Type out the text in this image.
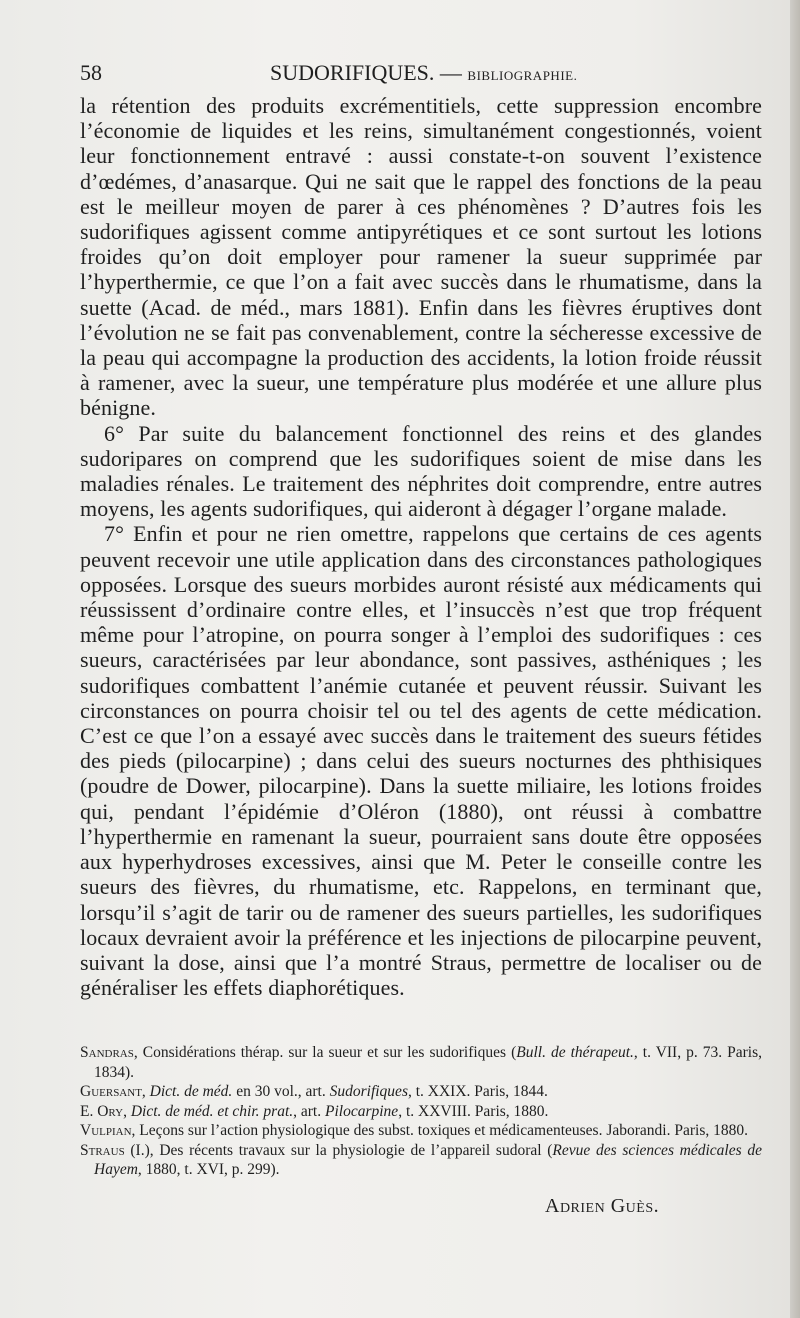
58	SUDORIFIQUES. — BIBLIOGRAPHIE.

la rétention des produits excrémentitiels, cette suppression encombre l’économie de liquides et les reins, simultanément congestionnés, voient leur fonctionnement entravé : aussi constate-t-on souvent l’existence d’œdémes, d’anasarque. Qui ne sait que le rappel des fonctions de la peau est le meilleur moyen de parer à ces phénomènes ? D’autres fois les sudorifiques agissent comme antipyrétiques et ce sont surtout les lotions froides qu’on doit employer pour ramener la sueur supprimée par l’hyperthermie, ce que l’on a fait avec succès dans le rhumatisme, dans la suette (Acad. de méd., mars 1881). Enfin dans les fièvres éruptives dont l’évolution ne se fait pas convenablement, contre la sécheresse excessive de la peau qui accompagne la production des accidents, la lotion froide réussit à ramener, avec la sueur, une température plus modérée et une allure plus bénigne.

6° Par suite du balancement fonctionnel des reins et des glandes sudoripares on comprend que les sudorifiques soient de mise dans les maladies rénales. Le traitement des néphrites doit comprendre, entre autres moyens, les agents sudorifiques, qui aideront à dégager l’organe malade.

7° Enfin et pour ne rien omettre, rappelons que certains de ces agents peuvent recevoir une utile application dans des circonstances pathologiques opposées. Lorsque des sueurs morbides auront résisté aux médicaments qui réussissent d’ordinaire contre elles, et l’insuccès n’est que trop fréquent même pour l’atropine, on pourra songer à l’emploi des sudorifiques : ces sueurs, caractérisées par leur abondance, sont passives, asthéniques ; les sudorifiques combattent l’anémie cutanée et peuvent réussir. Suivant les circonstances on pourra choisir tel ou tel des agents de cette médication. C’est ce que l’on a essayé avec succès dans le traitement des sueurs fétides des pieds (pilocarpine) ; dans celui des sueurs nocturnes des phthisiques (poudre de Dower, pilocarpine). Dans la suette miliaire, les lotions froides qui, pendant l’épidémie d’Oléron (1880), ont réussi à combattre l’hyperthermie en ramenant la sueur, pourraient sans doute être opposées aux hyperhydroses excessives, ainsi que M. Peter le conseille contre les sueurs des fièvres, du rhumatisme, etc. Rappelons, en terminant que, lorsqu’il s’agit de tarir ou de ramener des sueurs partielles, les sudorifiques locaux devraient avoir la préférence et les injections de pilocarpine peuvent, suivant la dose, ainsi que l’a montré Straus, permettre de localiser ou de généraliser les effets diaphorétiques.

Sandras, Considérations thérap. sur la sueur et sur les sudorifiques (Bull. de thérapeut., t. VII, p. 73. Paris, 1834).

Guersant, Dict. de méd. en 30 vol., art. Sudorifiques, t. XXIX. Paris, 1844.

E. Ory, Dict. de méd. et chir. prat., art. Pilocarpine, t. XXVIII. Paris, 1880.

Vulpian, Leçons sur l’action physiologique des subst. toxiques et médicamenteuses. Jaborandi. Paris, 1880.

Straus (I.), Des récents travaux sur la physiologie de l’appareil sudoral (Revue des sciences médicales de Hayem, 1880, t. XVI, p. 299).

Adrien Guès.
